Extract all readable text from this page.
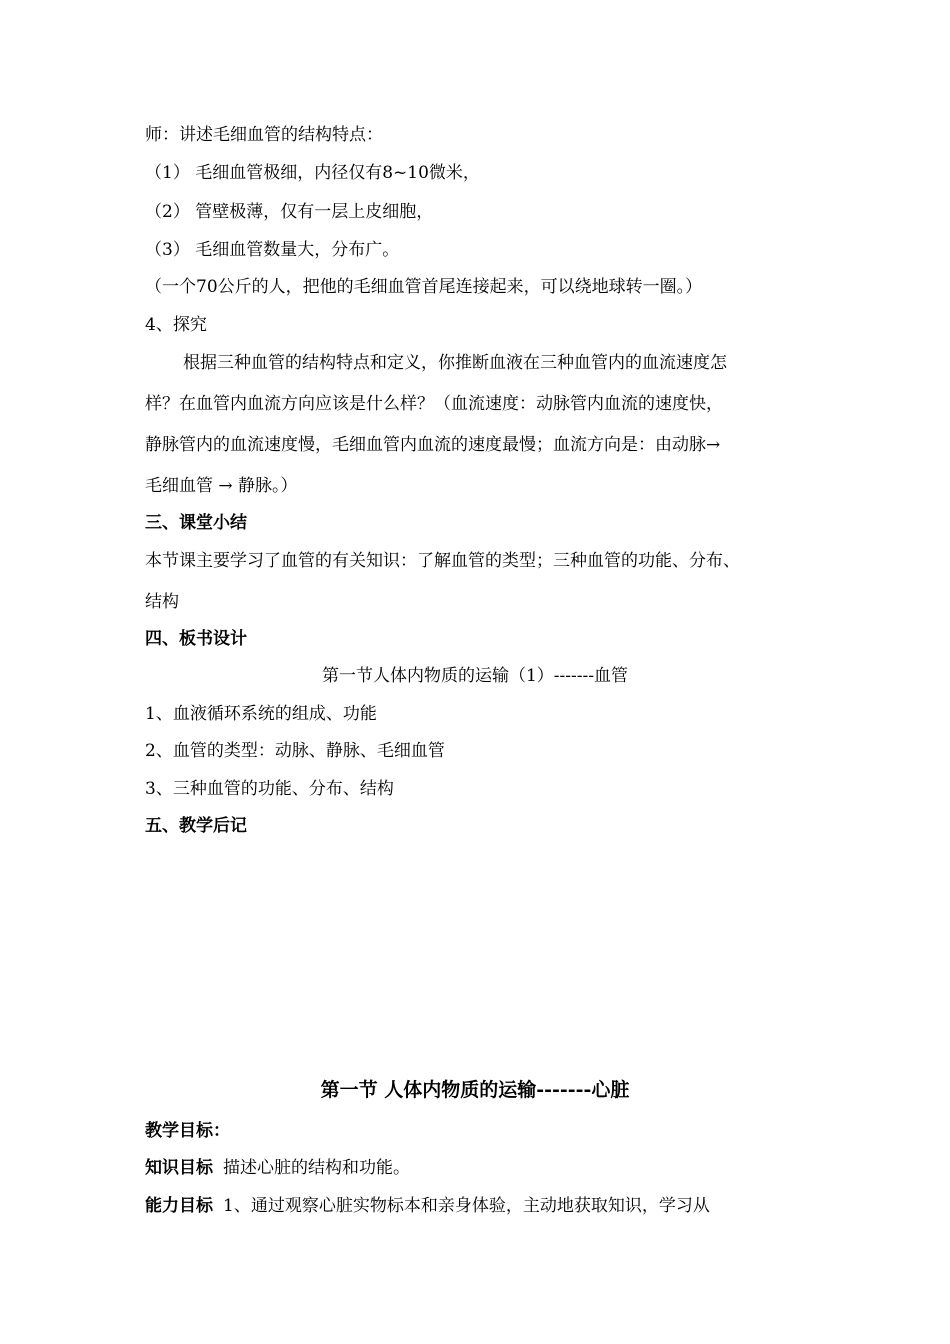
师：讲述毛细血管的结构特点：
（1） 毛细血管极细，内径仅有8~10微米，
（2） 管壁极薄，仅有一层上皮细胞，
（3） 毛细血管数量大，分布广。
（一个70公斤的人，把他的毛细血管首尾连接起来，可以绕地球转一圈。）
4、探究
根据三种血管的结构特点和定义，你推断血液在三种血管内的血流速度怎
样？在血管内血流方向应该是什么样？（血流速度：动脉管内血流的速度快，
静脉管内的血流速度慢，毛细血管内血流的速度最慢；血流方向是：由动脉→
毛细血管 → 静脉。）
三、课堂小结
本节课主要学习了血管的有关知识：了解血管的类型；三种血管的功能、分布、
结构
四、板书设计
第一节人体内物质的运输（1）-------血管
1、血液循环系统的组成、功能
2、血管的类型：动脉、静脉、毛细血管
3、三种血管的功能、分布、结构
五、教学后记
第一节 人体内物质的运输-------心脏
教学目标：
知识目标 描述心脏的结构和功能。
能力目标 1、通过观察心脏实物标本和亲身体验，主动地获取知识，学习从
